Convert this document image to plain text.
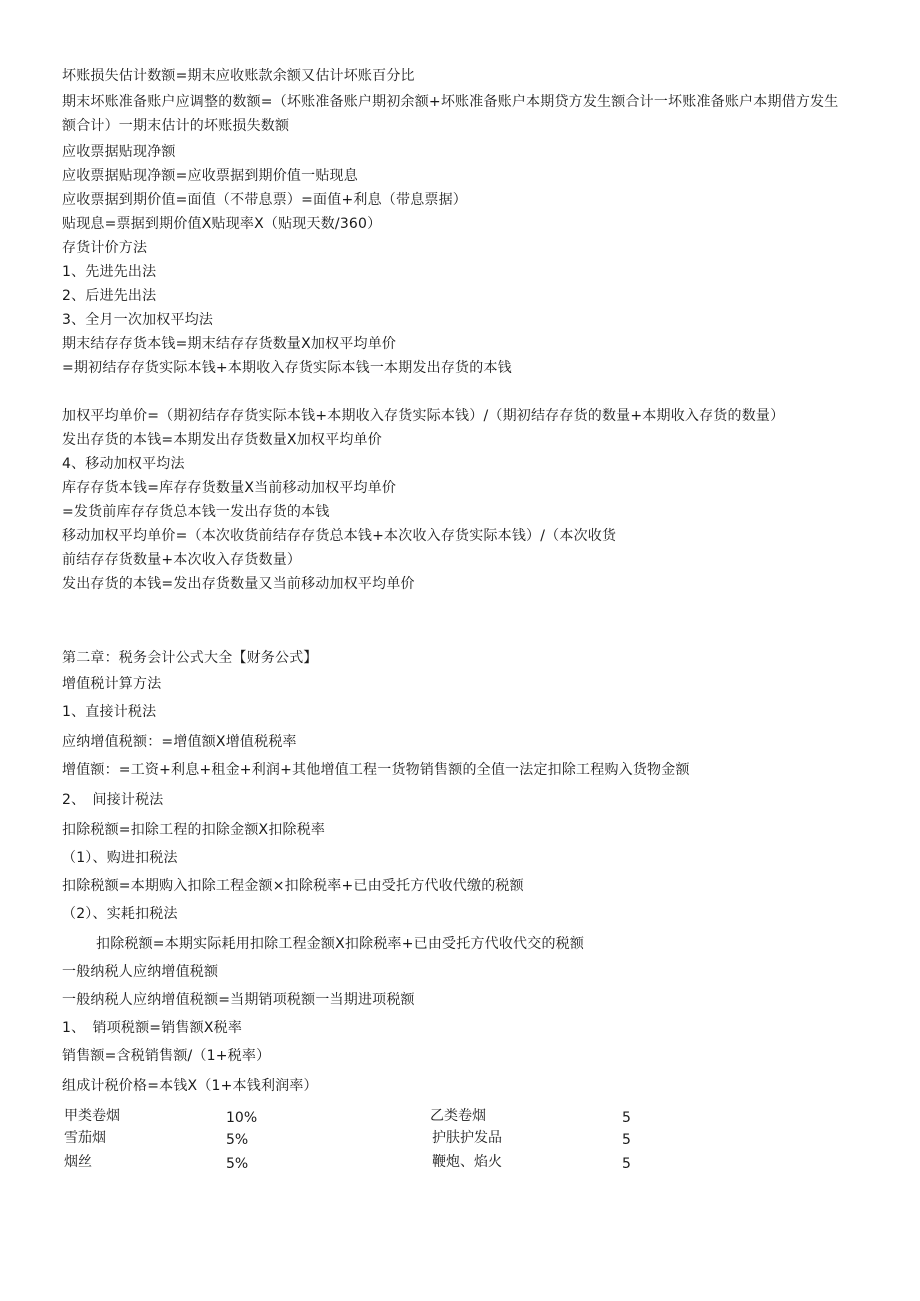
坏账损失估计数额=期末应收账款余额又估计坏账百分比
期末坏账准备账户应调整的数额=（坏账准备账户期初余额+坏账准备账户本期贷方发生额合计一坏账准备账户本期借方发生额合计）一期末估计的坏账损失数额
应收票据贴现净额
应收票据贴现净额=应收票据到期价值一贴现息
应收票据到期价值=面值（不带息票）=面值+利息（带息票据）
贴现息=票据到期价值X贴现率X（贴现天数/360）
存货计价方法
1、先进先出法
2、后进先出法
3、全月一次加权平均法
期末结存存货本钱=期末结存存货数量X加权平均单价
=期初结存存货实际本钱+本期收入存货实际本钱一本期发出存货的本钱
加权平均单价=（期初结存存货实际本钱+本期收入存货实际本钱）/（期初结存存货的数量+本期收入存货的数量）
发出存货的本钱=本期发出存货数量X加权平均单价
4、移动加权平均法
库存存货本钱=库存存货数量X当前移动加权平均单价
=发货前库存存货总本钱一发出存货的本钱
移动加权平均单价=（本次收货前结存存货总本钱+本次收入存货实际本钱）/（本次收货
前结存存货数量+本次收入存货数量）
发出存货的本钱=发出存货数量又当前移动加权平均单价
第二章：税务会计公式大全【财务公式】
增值税计算方法
1、直接计税法
应纳增值税额：=增值额X增值税税率
增值额：=工资+利息+租金+利润+其他增值工程一货物销售额的全值一法定扣除工程购入货物金额
2、　间接计税法
扣除税额=扣除工程的扣除金额X扣除税率
（1）、购进扣税法
扣除税额=本期购入扣除工程金额×扣除税率+已由受托方代收代缴的税额
（2）、实耗扣税法
扣除税额=本期实际耗用扣除工程金额X扣除税率+已由受托方代收代交的税额
一般纳税人应纳增值税额
一般纳税人应纳增值税额=当期销项税额一当期进项税额
1、　销项税额=销售额X税率
销售额=含税销售额/（1+税率）
组成计税价格=本钱X（1+本钱利润率）
甲类卷烟	10%	乙类卷烟	5
雪茄烟	5%	护肤护发品	5
烟丝	5%	鞭炮、焰火	5
